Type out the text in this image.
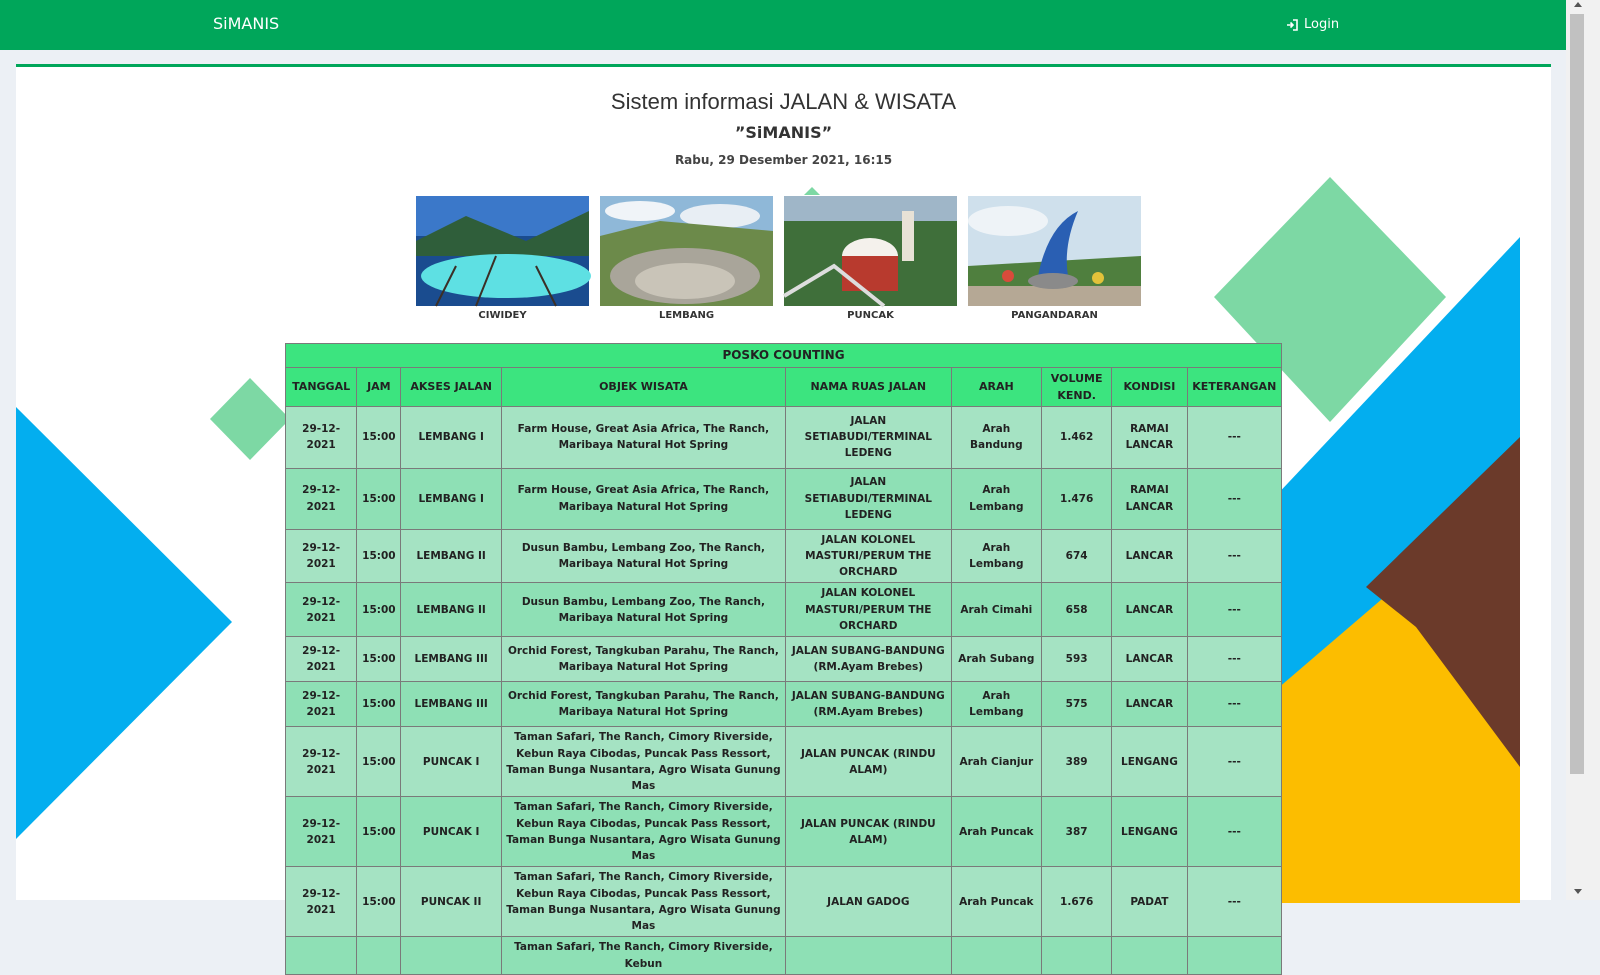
SiMANIS	Login
Sistem informasi JALAN & WISATA
”SiMANIS”
Rabu, 29 Desember 2021, 16:15
CIWIDEY	LEMBANG	PUNCAK	PANGANDARAN
POSKO COUNTING								
TANGGAL	JAM	AKSES JALAN	OBJEK WISATA	NAMA RUAS JALAN	ARAH	VOLUME KEND.	KONDISI	KETERANGAN
29-12-2021	15:00	LEMBANG I	Farm House, Great Asia Africa, The Ranch, Maribaya Natural Hot Spring	JALAN SETIABUDI/TERMINAL LEDENG	Arah Bandung	1.462	RAMAI LANCAR	---
29-12-2021	15:00	LEMBANG I	Farm House, Great Asia Africa, The Ranch, Maribaya Natural Hot Spring	JALAN SETIABUDI/TERMINAL LEDENG	Arah Lembang	1.476	RAMAI LANCAR	---
29-12-2021	15:00	LEMBANG II	Dusun Bambu, Lembang Zoo, The Ranch, Maribaya Natural Hot Spring	JALAN KOLONEL MASTURI/PERUM THE ORCHARD	Arah Lembang	674	LANCAR	---
29-12-2021	15:00	LEMBANG II	Dusun Bambu, Lembang Zoo, The Ranch, Maribaya Natural Hot Spring	JALAN KOLONEL MASTURI/PERUM THE ORCHARD	Arah Cimahi	658	LANCAR	---
29-12-2021	15:00	LEMBANG III	Orchid Forest, Tangkuban Parahu, The Ranch, Maribaya Natural Hot Spring	JALAN SUBANG-BANDUNG (RM.Ayam Brebes)	Arah Subang	593	LANCAR	---
29-12-2021	15:00	LEMBANG III	Orchid Forest, Tangkuban Parahu, The Ranch, Maribaya Natural Hot Spring	JALAN SUBANG-BANDUNG (RM.Ayam Brebes)	Arah Lembang	575	LANCAR	---
29-12-2021	15:00	PUNCAK I	Taman Safari, The Ranch, Cimory Riverside, Kebun Raya Cibodas, Puncak Pass Ressort, Taman Bunga Nusantara, Agro Wisata Gunung Mas	JALAN PUNCAK (RINDU ALAM)	Arah Cianjur	389	LENGANG	---
29-12-2021	15:00	PUNCAK I	Taman Safari, The Ranch, Cimory Riverside, Kebun Raya Cibodas, Puncak Pass Ressort, Taman Bunga Nusantara, Agro Wisata Gunung Mas	JALAN PUNCAK (RINDU ALAM)	Arah Puncak	387	LENGANG	---
29-12-2021	15:00	PUNCAK II	Taman Safari, The Ranch, Cimory Riverside, Kebun Raya Cibodas, Puncak Pass Ressort, Taman Bunga Nusantara, Agro Wisata Gunung Mas	JALAN GADOG	Arah Puncak	1.676	PADAT	---
			Taman Safari, The Ranch, Cimory Riverside, Kebun					
